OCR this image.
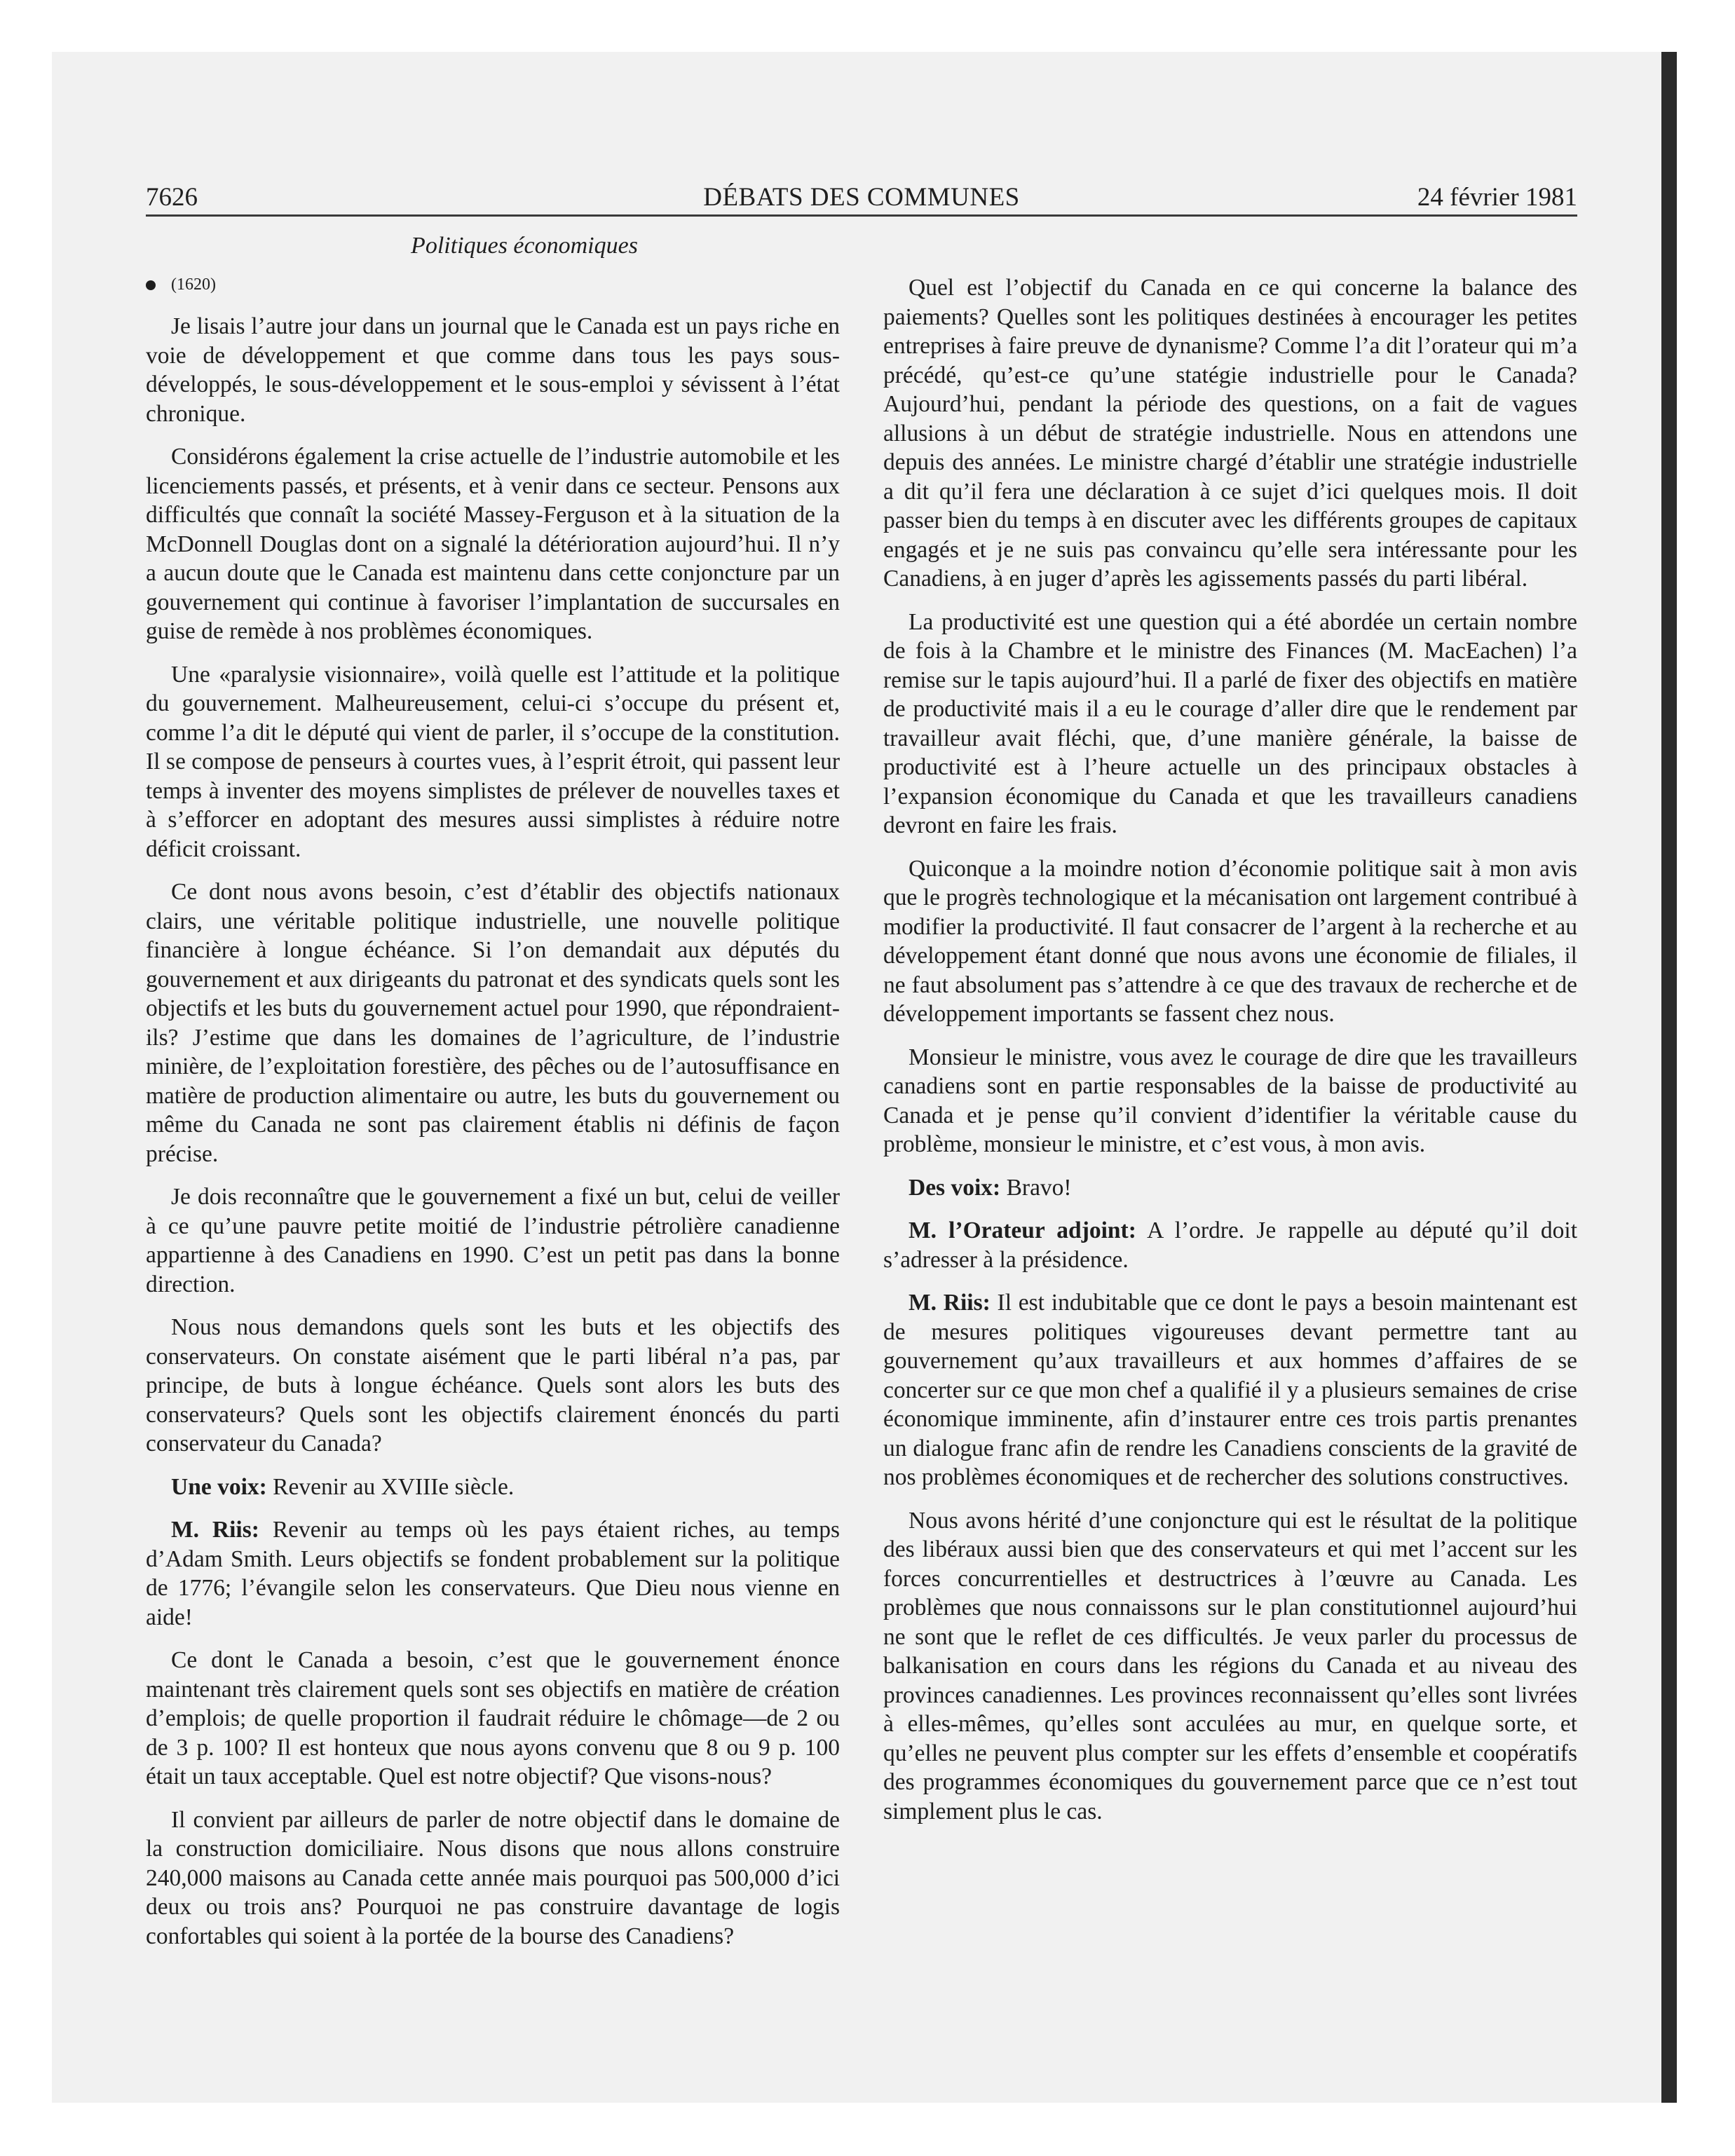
7626	DÉBATS DES COMMUNES	24 février 1981
Politiques économiques
(1620)

Je lisais l’autre jour dans un journal que le Canada est un pays riche en voie de développement et que comme dans tous les pays sous-développés, le sous-développement et le sous-emploi y sévissent à l’état chronique.

Considérons également la crise actuelle de l’industrie automobile et les licenciements passés, et présents, et à venir dans ce secteur. Pensons aux difficultés que connaît la société Massey-Ferguson et à la situation de la McDonnell Douglas dont on a signalé la détérioration aujourd’hui. Il n’y a aucun doute que le Canada est maintenu dans cette conjoncture par un gouvernement qui continue à favoriser l’implantation de succursales en guise de remède à nos problèmes économiques.

Une «paralysie visionnaire», voilà quelle est l’attitude et la politique du gouvernement. Malheureusement, celui-ci s’occupe du présent et, comme l’a dit le député qui vient de parler, il s’occupe de la constitution. Il se compose de penseurs à courtes vues, à l’esprit étroit, qui passent leur temps à inventer des moyens simplistes de prélever de nouvelles taxes et à s’efforcer en adoptant des mesures aussi simplistes à réduire notre déficit croissant.

Ce dont nous avons besoin, c’est d’établir des objectifs nationaux clairs, une véritable politique industrielle, une nouvelle politique financière à longue échéance. Si l’on demandait aux députés du gouvernement et aux dirigeants du patronat et des syndicats quels sont les objectifs et les buts du gouvernement actuel pour 1990, que répondraient-ils? J’estime que dans les domaines de l’agriculture, de l’industrie minière, de l’exploitation forestière, des pêches ou de l’autosuffisance en matière de production alimentaire ou autre, les buts du gouvernement ou même du Canada ne sont pas clairement établis ni définis de façon précise.

Je dois reconnaître que le gouvernement a fixé un but, celui de veiller à ce qu’une pauvre petite moitié de l’industrie pétrolière canadienne appartienne à des Canadiens en 1990. C’est un petit pas dans la bonne direction.

Nous nous demandons quels sont les buts et les objectifs des conservateurs. On constate aisément que le parti libéral n’a pas, par principe, de buts à longue échéance. Quels sont alors les buts des conservateurs? Quels sont les objectifs clairement énoncés du parti conservateur du Canada?

Une voix: Revenir au XVIIIe siècle.

M. Riis: Revenir au temps où les pays étaient riches, au temps d’Adam Smith. Leurs objectifs se fondent probablement sur la politique de 1776; l’évangile selon les conservateurs. Que Dieu nous vienne en aide!

Ce dont le Canada a besoin, c’est que le gouvernement énonce maintenant très clairement quels sont ses objectifs en matière de création d’emplois; de quelle proportion il faudrait réduire le chômage—de 2 ou de 3 p. 100? Il est honteux que nous ayons convenu que 8 ou 9 p. 100 était un taux acceptable. Quel est notre objectif? Que visons-nous?

Il convient par ailleurs de parler de notre objectif dans le domaine de la construction domiciliaire. Nous disons que nous allons construire 240,000 maisons au Canada cette année mais pourquoi pas 500,000 d’ici deux ou trois ans? Pourquoi ne pas construire davantage de logis confortables qui soient à la portée de la bourse des Canadiens?

Quel est l’objectif du Canada en ce qui concerne la balance des paiements? Quelles sont les politiques destinées à encourager les petites entreprises à faire preuve de dynanisme? Comme l’a dit l’orateur qui m’a précédé, qu’est-ce qu’une statégie industrielle pour le Canada? Aujourd’hui, pendant la période des questions, on a fait de vagues allusions à un début de stratégie industrielle. Nous en attendons une depuis des années. Le ministre chargé d’établir une stratégie industrielle a dit qu’il fera une déclaration à ce sujet d’ici quelques mois. Il doit passer bien du temps à en discuter avec les différents groupes de capitaux engagés et je ne suis pas convaincu qu’elle sera intéressante pour les Canadiens, à en juger d’après les agissements passés du parti libéral.

La productivité est une question qui a été abordée un certain nombre de fois à la Chambre et le ministre des Finances (M. MacEachen) l’a remise sur le tapis aujourd’hui. Il a parlé de fixer des objectifs en matière de productivité mais il a eu le courage d’aller dire que le rendement par travailleur avait fléchi, que, d’une manière générale, la baisse de productivité est à l’heure actuelle un des principaux obstacles à l’expansion économique du Canada et que les travailleurs canadiens devront en faire les frais.

Quiconque a la moindre notion d’économie politique sait à mon avis que le progrès technologique et la mécanisation ont largement contribué à modifier la productivité. Il faut consacrer de l’argent à la recherche et au développement étant donné que nous avons une économie de filiales, il ne faut absolument pas s’attendre à ce que des travaux de recherche et de développement importants se fassent chez nous.

Monsieur le ministre, vous avez le courage de dire que les travailleurs canadiens sont en partie responsables de la baisse de productivité au Canada et je pense qu’il convient d’identifier la véritable cause du problème, monsieur le ministre, et c’est vous, à mon avis.

Des voix: Bravo!

M. l’Orateur adjoint: A l’ordre. Je rappelle au député qu’il doit s’adresser à la présidence.

M. Riis: Il est indubitable que ce dont le pays a besoin maintenant est de mesures politiques vigoureuses devant permettre tant au gouvernement qu’aux travailleurs et aux hommes d’affaires de se concerter sur ce que mon chef a qualifié il y a plusieurs semaines de crise économique imminente, afin d’instaurer entre ces trois partis prenantes un dialogue franc afin de rendre les Canadiens conscients de la gravité de nos problèmes économiques et de rechercher des solutions constructives.

Nous avons hérité d’une conjoncture qui est le résultat de la politique des libéraux aussi bien que des conservateurs et qui met l’accent sur les forces concurrentielles et destructrices à l’œuvre au Canada. Les problèmes que nous connaissons sur le plan constitutionnel aujourd’hui ne sont que le reflet de ces difficultés. Je veux parler du processus de balkanisation en cours dans les régions du Canada et au niveau des provinces canadiennes. Les provinces reconnaissent qu’elles sont livrées à elles-mêmes, qu’elles sont acculées au mur, en quelque sorte, et qu’elles ne peuvent plus compter sur les effets d’ensemble et coopératifs des programmes économiques du gouvernement parce que ce n’est tout simplement plus le cas.
